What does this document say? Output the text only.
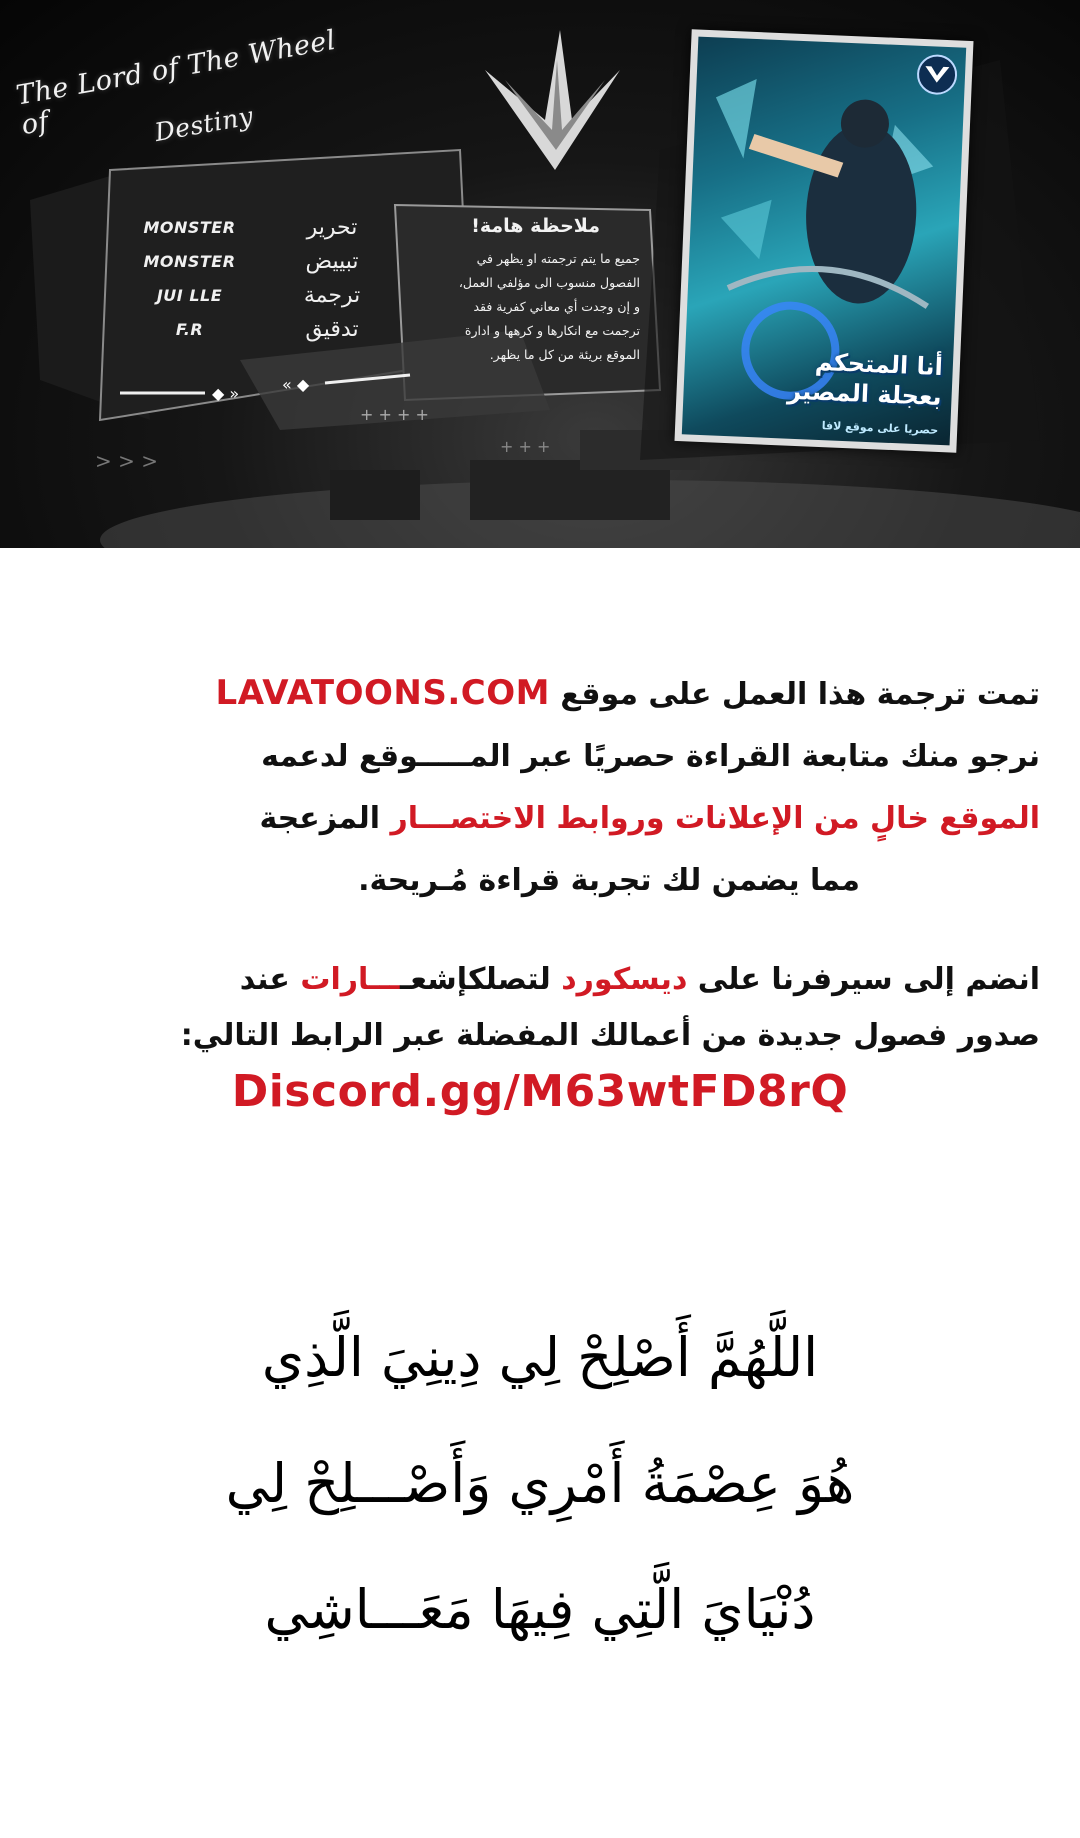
◆ »	« ◆
> > >
+ + + +
+ + +
The Lord of The Wheel of	Destiny
MONSTER	تحرير
MONSTER	تبييض
JUI LLE	ترجمة
F.R	تدقيق
ملاحظة هامة!
جميع ما يتم ترجمته او يظهر في
الفصول منسوب الى مؤلفي العمل،
و إن وجدت أي معاني كفرية فقد
ترجمت مع انكارها و كرهها و ادارة
الموقع بريئة من كل ما يظهر.	أنا المتحكم
بعجلة المصير
حصريا على موقع لافا
تمت ترجمة هذا العمل على موقع LAVATOONS.COM
نرجو منك متابعة القراءة حصريًا عبر المـــــوقع لدعمه
الموقع خالٍ من الإعلانات وروابط الاختصـــار المزعجة
مما يضمن لك تجربة قراءة مُـريحة.
انضم إلى سيرفرنا على ديسكورد لتصلكإشعــــارات عند
صدور فصول جديدة من أعمالك المفضلة عبر الرابط التالي:
Discord.gg/M63wtFD8rQ
اللَّهُمَّ أَصْلِحْ لِي دِينِيَ الَّذِي
هُوَ عِصْمَةُ أَمْرِي وَأَصْـــلِحْ لِي
دُنْيَايَ الَّتِي فِيهَا مَعَـــاشِي
